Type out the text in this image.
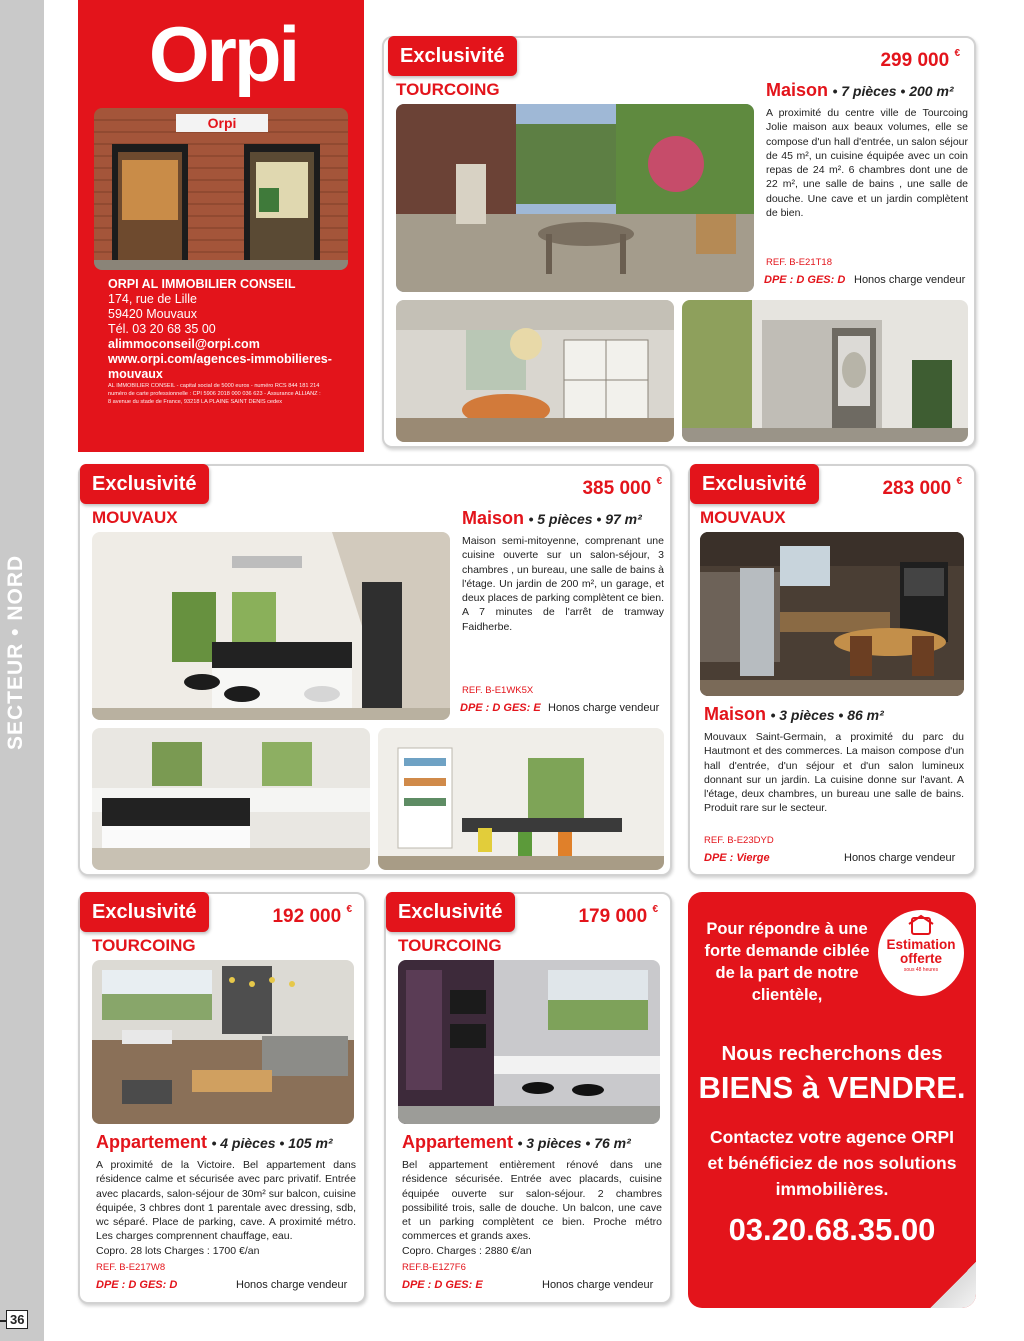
SECTEUR • NORD
36
Orpi
Orpi
ORPI AL IMMOBILIER CONSEIL
174, rue de Lille
59420 Mouvaux
Tél. 03 20 68 35 00
alimmoconseil@orpi.com
www.orpi.com/agences-immobilieres-mouvaux
AL IMMOBILIER CONSEIL - capital social de 5000 euros - numéro RCS 844 181 214
numéro de carte professionnelle : CPI 5906 2018 000 036 623 - Assurance ALLIANZ :
8 avenue du stade de France, 93218 LA PLAINE SAINT DENIS cedex
Exclusivité
TOURCOING
299 000 €
Maison • 7 pièces • 200 m²
A proximité du centre ville de Tourcoing Jolie maison aux beaux volumes, elle se compose d'un hall d'entrée, un salon séjour de 45 m², un cuisine équipée avec un coin repas de 24 m². 6 chambres dont une de 22 m², une salle de bains , une salle de douche. Une cave et un jardin complètent de bien.
REF. B-E21T18
DPE : D GES: D Honos charge vendeur
Exclusivité
MOUVAUX
385 000 €
Maison • 5 pièces • 97 m²
Maison semi-mitoyenne, comprenant une cuisine ouverte sur un salon-séjour, 3 chambres , un bureau, une salle de bains à l'étage. Un jardin de 200 m², un garage, et deux places de parking complètent ce bien. A 7 minutes de l'arrêt de tramway Faidherbe.
REF. B-E1WK5X
DPE : D GES: E Honos charge vendeur
Exclusivité
MOUVAUX
283 000 €
Maison • 3 pièces • 86 m²
Mouvaux Saint-Germain, a proximité du parc du Hautmont et des commerces. La maison compose d'un hall d'entrée, d'un séjour et d'un salon lumineux donnant sur un jardin. La cuisine donne sur l'avant. A l'étage, deux chambres, un bureau une salle de bains. Produit rare sur le secteur.
REF. B-E23DYD
DPE : Vierge	Honos charge vendeur
Exclusivité
TOURCOING
192 000 €
Appartement • 4 pièces • 105 m²
A proximité de la Victoire. Bel appartement dans résidence calme et sécurisée avec parc privatif. Entrée avec placards, salon-séjour de 30m² sur balcon, cuisine équipée, 3 chbres dont 1 parentale avec dressing, sdb, wc séparé. Place de parking, cave. A proximité métro. Les charges comprennent chauffage, eau.
Copro. 28 lots Charges : 1700 €/an
REF. B-E217W8
DPE : D GES: D	Honos charge vendeur
Exclusivité
TOURCOING
179 000 €
Appartement • 3 pièces • 76 m²
Bel appartement entièrement rénové dans une résidence sécurisée. Entrée avec placards, cuisine équipée ouverte sur salon-séjour. 2 chambres possibilité trois, salle de douche. Un balcon, une cave et un parking complètent ce bien. Proche métro commerces et grands axes.
Copro. Charges : 2880 €/an
REF.B-E1Z7F6
DPE : D GES: E	Honos charge vendeur
Pour répondre à une forte demande ciblée de la part de notre clientèle,
Estimation
offerte
sous 48 heures
Nous recherchons des
BIENS à VENDRE.
Contactez votre agence ORPI et bénéficiez de nos solutions immobilières.
03.20.68.35.00
